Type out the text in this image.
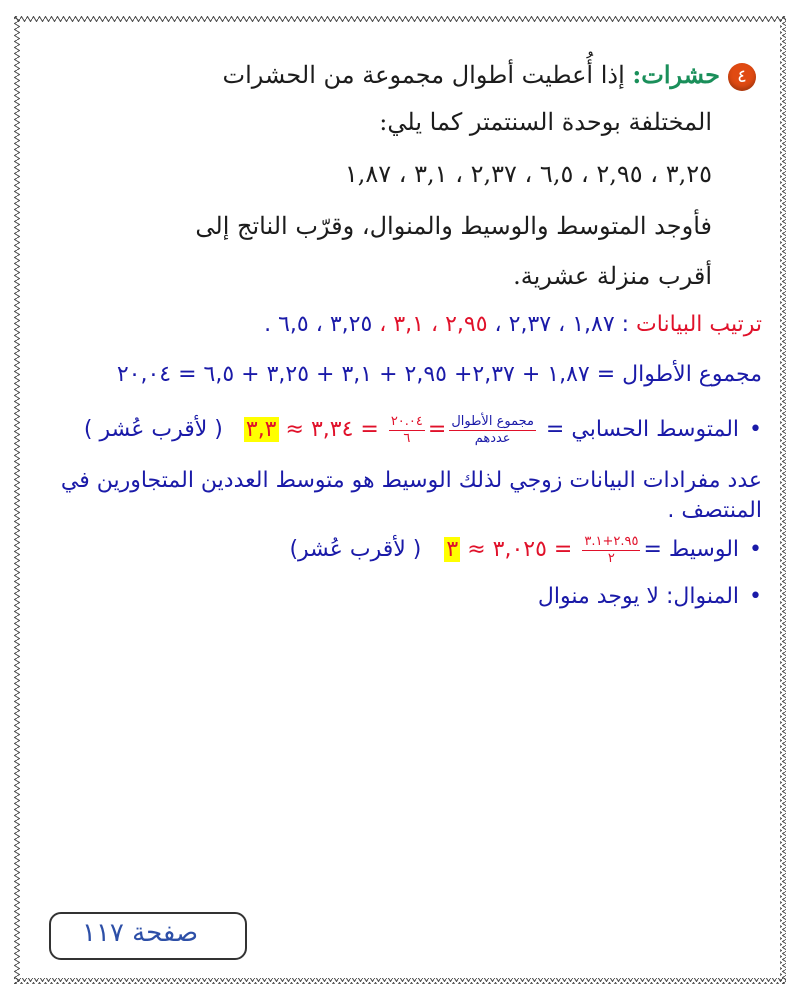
٤حشرات: إذا أُعطيت أطوال مجموعة من الحشرات
المختلفة بوحدة السنتمتر كما يلي:
٣,٢٥ ، ٢,٩٥ ، ٦,٥ ، ٢,٣٧ ، ٣,١ ، ١,٨٧
فأوجد المتوسط والوسيط والمنوال، وقرّب الناتج إلى
أقرب منزلة عشرية.
ترتيب البيانات : ١,٨٧ ، ٢,٣٧ ، ٢,٩٥ ، ٣,١ ، ٣,٢٥ ، ٦,٥ .
مجموع الأطوال = ١,٨٧ + ٢,٣٧+ ٢,٩٥ + ٣,١ + ٣,٢٥ + ٦,٥ = ٢٠,٠٤
• المتوسط الحسابي =
$\frac{\text{مجموع الأطوال}}{\text{عددهم}}$
=
$\frac{٢٠.٠٤}{٦}$
= ٣,٣٤ ≈ ٣,٣ ( لأقرب عُشر )
عدد مفرادات البيانات زوجي لذلك الوسيط هو متوسط العددين المتجاورين في المنتصف .
• الوسيط =
$\frac{٢.٩٥+٣.١}{٢}$
= ٣,٠٢٥ ≈ ٣ ( لأقرب عُشر)
• المنوال: لا يوجد منوال
صفحة ١١٧
